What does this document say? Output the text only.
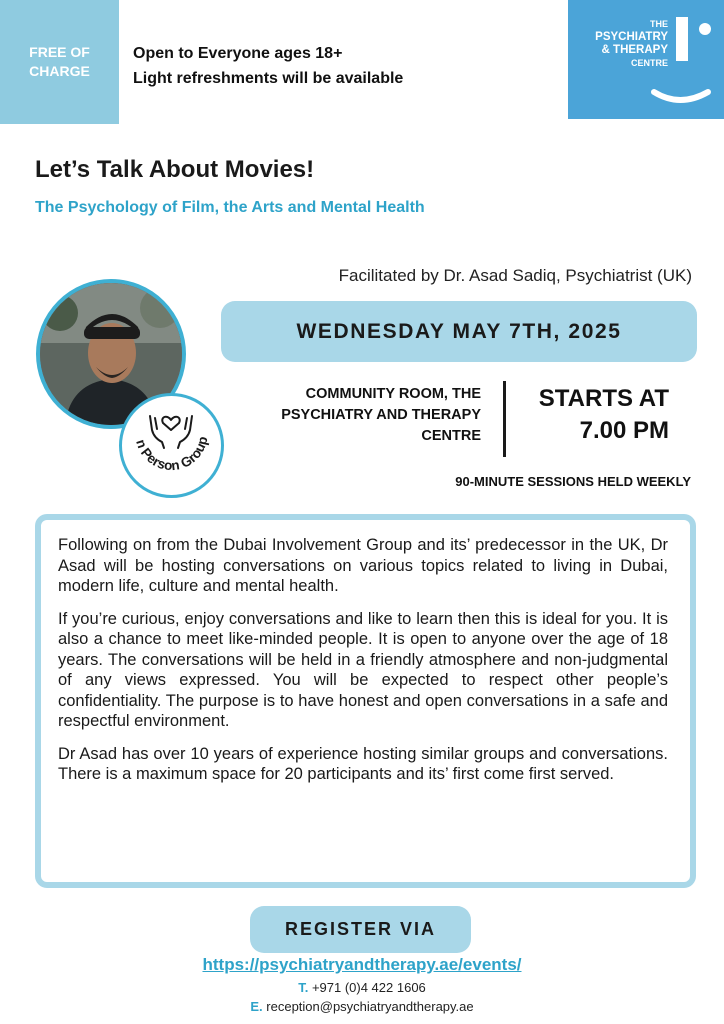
FREE OF
CHARGE
Open to Everyone ages 18+
Light refreshments will be available
THE
PSYCHIATRY
& THERAPY
CENTRE
Let’s Talk About Movies!
The Psychology of Film, the Arts and Mental Health
Facilitated by Dr. Asad Sadiq, Psychiatrist (UK)
n Person Group
WEDNESDAY MAY 7TH, 2025
COMMUNITY ROOM, THE
PSYCHIATRY AND THERAPY
CENTRE
STARTS AT
7.00 PM
90-MINUTE SESSIONS HELD WEEKLY

Following on from the Dubai Involvement Group and its’ predecessor in the UK, Dr Asad will be hosting conversations on various topics related to living in Dubai, modern life, culture and mental health.

If you’re curious, enjoy conversations and like to learn then this is ideal for you. It is also a chance to meet like-minded people. It is open to anyone over the age of 18 years. The conversations will be held in a friendly atmosphere and non-judgmental of any views expressed. You will be expected to respect other people’s confidentiality. The purpose is to have honest and open conversations in a safe and respectful environment.

Dr Asad has over 10 years of experience hosting similar groups and conversations. There is a maximum space for 20 participants and its’ first come first served.

REGISTER VIA
https://psychiatryandtherapy.ae/events/
T. +971 (0)4 422 1606
E. reception@psychiatryandtherapy.ae
